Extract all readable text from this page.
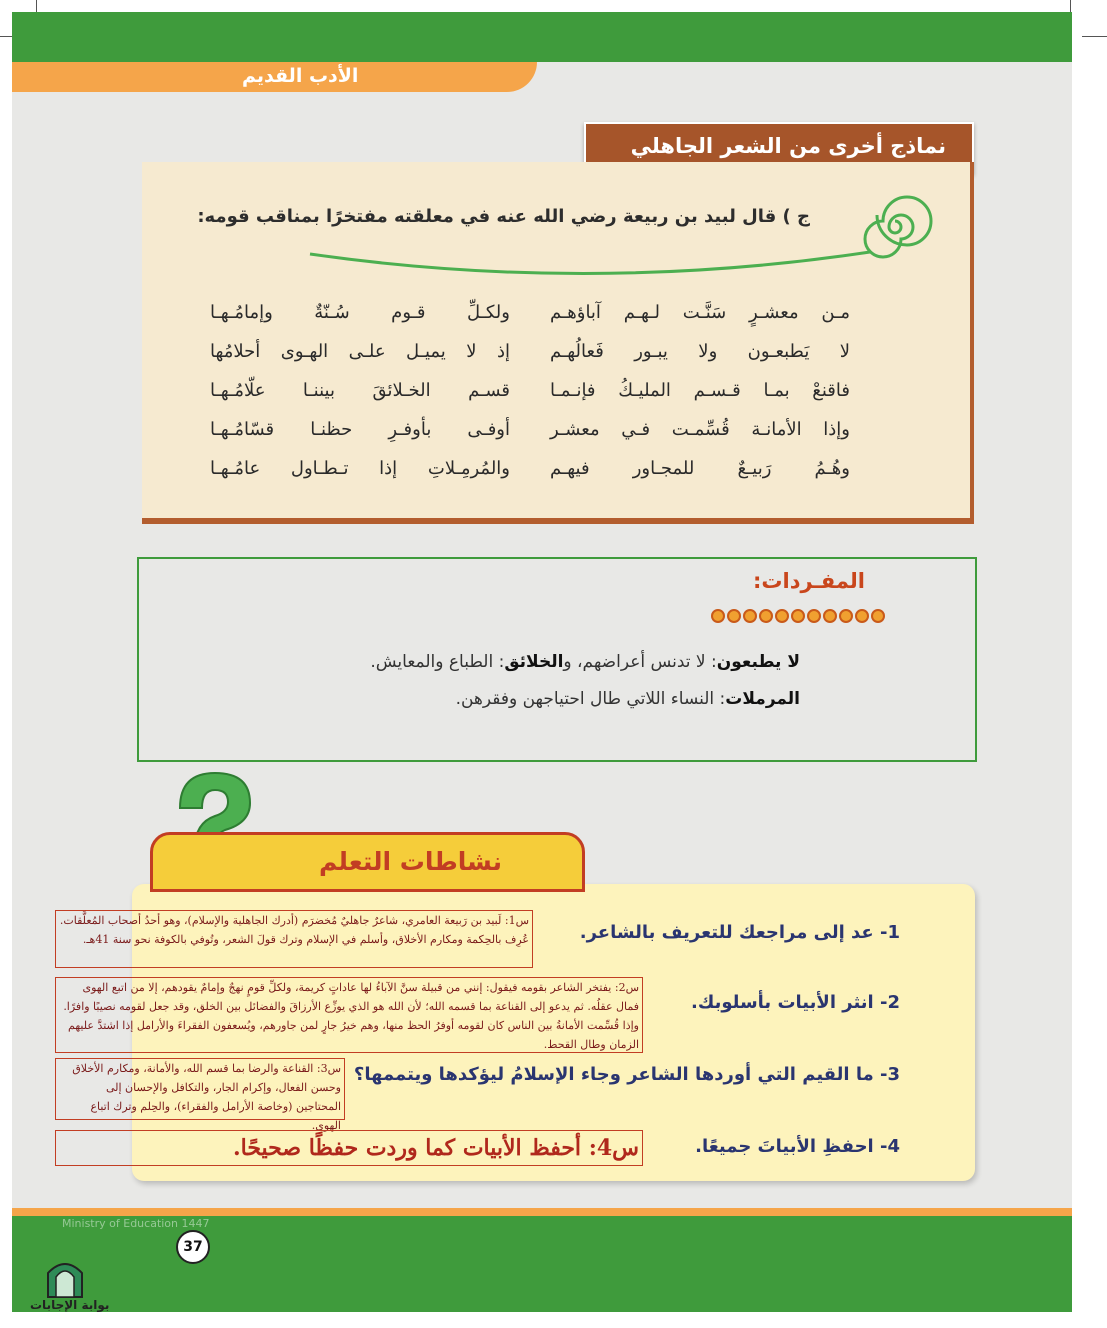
الأدب القديم
نماذج أخرى من الشعر الجاهلي
ج ) قال لبيد بن ربيعة رضي الله عنه في معلقته مفتخرًا بمناقب قومه:
مـن معشـرٍ سَنَّـت لـهـم آباؤهـم
لا يَطبعـون ولا يبـور فَعالُهـم
فاقنعْ بمـا قـسـم المليـكُ فإنـمـا
وإذا الأمانـة قُسِّمـت فـي معشـر
وهُـمُ رَبيـعٌ للمجـاور فيهـم
ولكـلِّ قـوم سُـنّةٌ وإمامُـهـا
إذ لا يميـل علـى الهـوى أحلامُها
قسـم الخـلائقَ بيننـا علّامُـهـا
أوفـى بأوفـرِ حظنـا قسّامُـهـا
والمُرمِـلاتِ إذا تـطـاول عامُـهـا
المفـردات:
لا يطبعون: لا تدنس أعراضهم، والخلائق: الطباع والمعايش.
المرملات: النساء اللاتي طال احتياجهن وفقرهن.
1- عد إلى مراجعك للتعريف بالشاعر.
2- انثر الأبيات بأسلوبك.
3- ما القيم التي أوردها الشاعر وجاء الإسلامُ ليؤكدها ويتممها؟
4- احفظِ الأبياتَ جميعًا.
س1: لَبيد بن رَبيعة العامري، شاعرٌ جاهليٌ مُخضرَم (أدرك الجاهلية والإسلام)، وهو أحدُ أصحاب المُعلَّقات. عُرِف بالحِكمة ومكارم الأخلاق، وأسلم في الإسلام وترك قولَ الشعر، وتُوفي بالكوفة نحو سنة 41هـ.
س2: يفتخر الشاعر بقومه فيقول: إنني من قبيلة سنَّ الآباءُ لها عاداتٍ كريمة، ولكلِّ قومٍ نهجٌ وإمامٌ يقودهم، إلا من اتبع الهوى فمال عقلُه. ثم يدعو إلى القناعة بما قسمه الله؛ لأن الله هو الذي يوزِّع الأرزاقَ والفضائل بين الخلق، وقد جعل لقومه نصيبًا وافرًا. وإذا قُسِّمت الأمانةُ بين الناس كان لقومه أوفرُ الحظ منها، وهم خيرُ جارٍ لمن جاورهم، ويُسعفون الفقراءَ والأرامل إذا اشتدَّ عليهم الزمان وطال القحط.
س3: القناعة والرضا بما قسم الله، والأمانة، ومكارم الأخلاق وحسن الفعال، وإكرام الجار، والتكافل والإحسان إلى المحتاجين (وخاصة الأرامل والفقراء)، والحِلم وترك اتباع الهوى.
س4: أحفظ الأبيات كما وردت حفظًا صحيحًا.
نشاطات التعلم
Ministry of Education 1447
37
بوابة الإجابات
